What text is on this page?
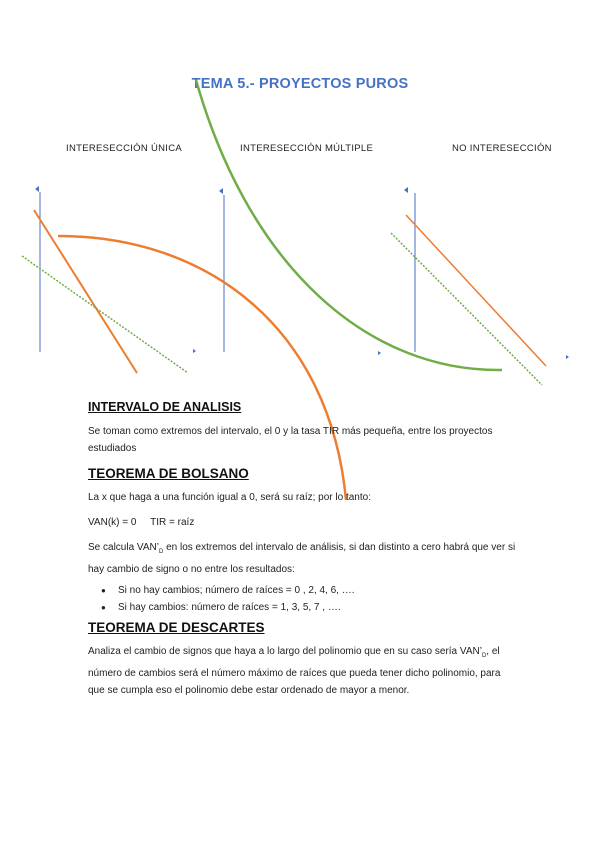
TEMA 5.- PROYECTOS PUROS
INTERESECCIÓN ÚNICA	INTERESECCIÓN MÚLTIPLE	NO INTERESECCIÓN
INTERVALO DE ANALISIS
Se toman como extremos del intervalo, el 0 y la tasa TIR más pequeña, entre los proyectos estudiados
TEOREMA DE BOLSANO
La x que haga a una función igual a 0, será su raíz; por lo tanto:
VAN(k) = 0     TIR = raíz
Se calcula $VAN’_D$ en los extremos del intervalo de análisis, si dan distinto a cero habrá que ver si hay cambio de signo o no entre los resultados:
● Si no hay cambios; número de raíces = 0 , 2, 4, 6, ….
● Si hay cambios: número de raíces = 1, 3, 5, 7 , ….
TEOREMA DE DESCARTES
Analiza el cambio de signos que haya a lo largo del polinomio que en su caso sería $VAN’_D$, el número de cambios será el número máximo de raíces que pueda tener dicho polinomio, para que se cumpla eso el polinomio debe estar ordenado de mayor a menor.
